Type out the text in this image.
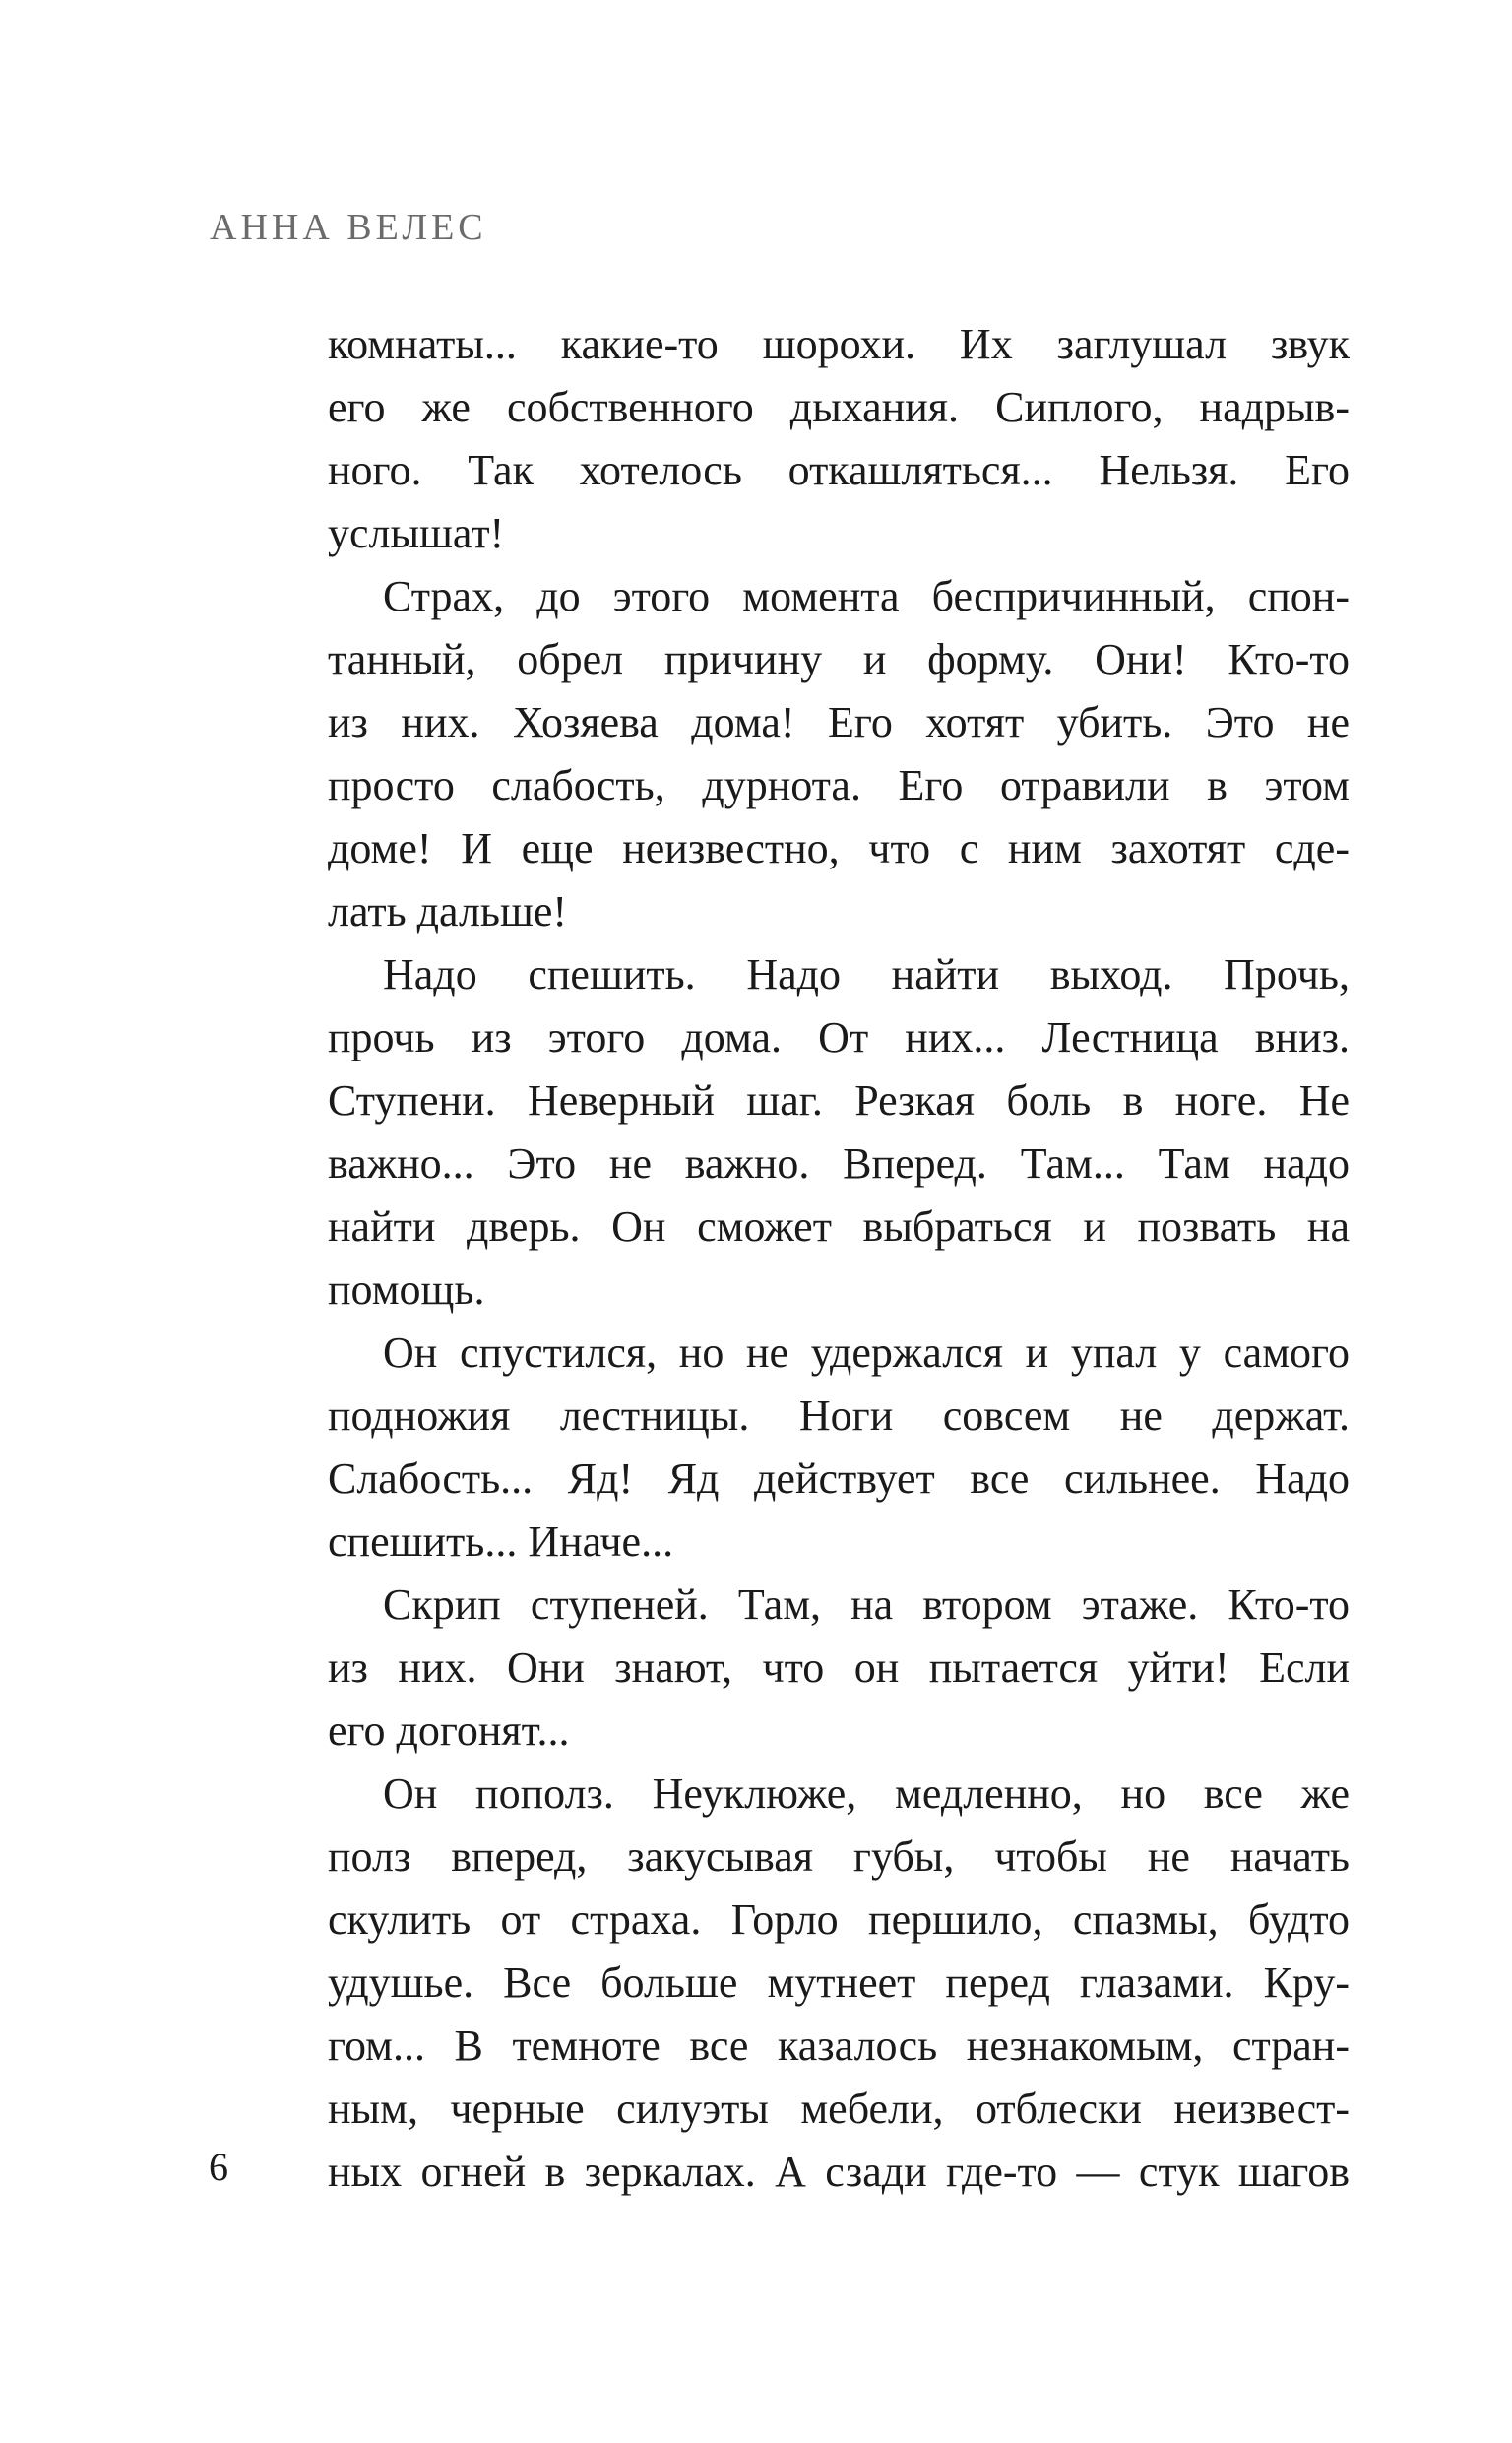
АННА ВЕЛЕС
комнаты... какие-то шорохи. Их заглушал звук
его же собственного дыхания. Сиплого, надрыв-
ного. Так хотелось откашляться... Нельзя. Его
услышат!
Страх, до этого момента беспричинный, спон-
танный, обрел причину и форму. Они! Кто-то
из них. Хозяева дома! Его хотят убить. Это не
просто слабость, дурнота. Его отравили в этом
доме! И еще неизвестно, что с ним захотят сде-
лать дальше!
Надо спешить. Надо найти выход. Прочь,
прочь из этого дома. От них... Лестница вниз.
Ступени. Неверный шаг. Резкая боль в ноге. Не
важно... Это не важно. Вперед. Там... Там надо
найти дверь. Он сможет выбраться и позвать на
помощь.
Он спустился, но не удержался и упал у самого
подножия лестницы. Ноги совсем не держат.
Слабость... Яд! Яд действует все сильнее. Надо
спешить... Иначе...
Скрип ступеней. Там, на втором этаже. Кто-то
из них. Они знают, что он пытается уйти! Если
его догонят...
Он пополз. Неуклюже, медленно, но все же
полз вперед, закусывая губы, чтобы не начать
скулить от страха. Горло першило, спазмы, будто
удушье. Все больше мутнеет перед глазами. Кру-
гом... В темноте все казалось незнакомым, стран-
ным, черные силуэты мебели, отблески неизвест-
ных огней в зеркалах. А сзади где-то — стук шагов
6
